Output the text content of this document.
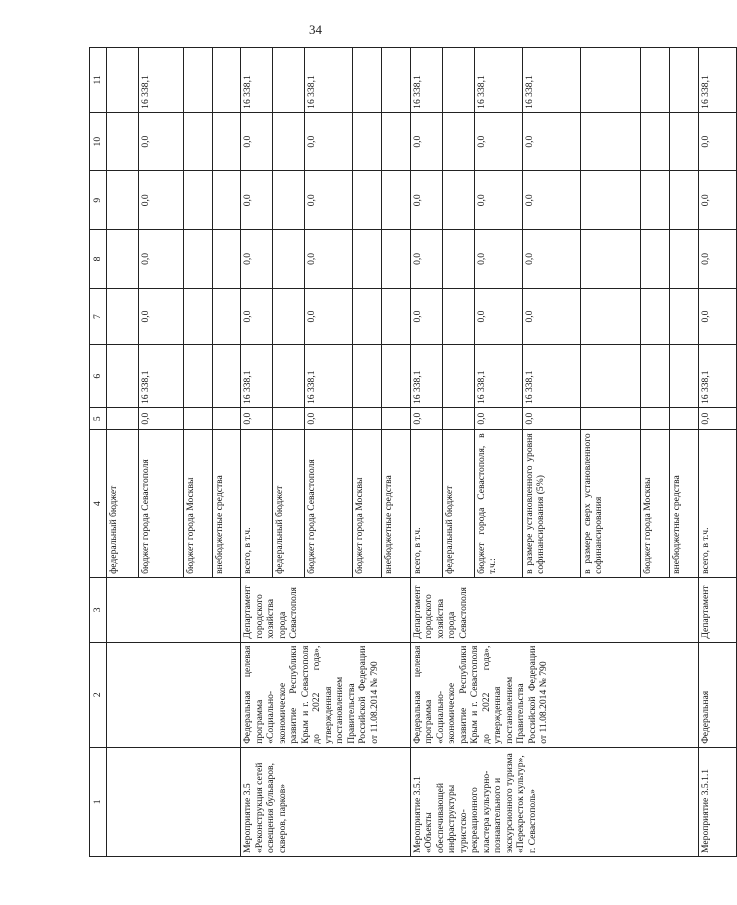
34
1	2	3	4	5	6	7	8	9	10	11
			федеральный бюджет							
			бюджет города Севастополя	0,0	16 338,1	0,0	0,0	0,0	0,0	16 338,1
			бюджет города Москвы							
			внебюджетные средства							
Мероприятие 3.5 «Реконструкция сетей освещения бульваров, скверов, парков»	Федеральная целевая программа «Социально-экономическое развитие Республики Крым и г. Севастополя до 2022 года», утвержденная постановлением Правительства Российской Федерации от 11.08.2014 № 790	Департамент городского хозяйства города Севастополя	всего, в т.ч.	0,0	16 338,1	0,0	0,0	0,0	0,0	16 338,1
			федеральный бюджет							
			бюджет города Севастополя	0,0	16 338,1	0,0	0,0	0,0	0,0	16 338,1
			бюджет города Москвы							
			внебюджетные средства							
Мероприятие 3.5.1 «Объекты обеспечивающей инфраструктуры туристско-рекреационного кластера культурно-познавательного и экскурсионного туризма «Перекресток культур», г. Севастополь»	Федеральная целевая программа «Социально-экономическое развитие Республики Крым и г. Севастополя до 2022 года», утвержденная постановлением Правительства Российской Федерации от 11.08.2014 № 790	Департамент городского хозяйства города Севастополя	всего, в т.ч.	0,0	16 338,1	0,0	0,0	0,0	0,0	16 338,1
			федеральный бюджет							
			бюджет города Севастополя, в т.ч.:	0,0	16 338,1	0,0	0,0	0,0	0,0	16 338,1
			в размере установленного уровня софинансирования (5%)	0,0	16 338,1	0,0	0,0	0,0	0,0	16 338,1
			в размере сверх установленного софинансирования							
			бюджет города Москвы							
			внебюджетные средства							
Мероприятие 3.5.1.1	Федеральная	Департамент	всего, в т.ч.	0,0	16 338,1	0,0	0,0	0,0	0,0	16 338,1
